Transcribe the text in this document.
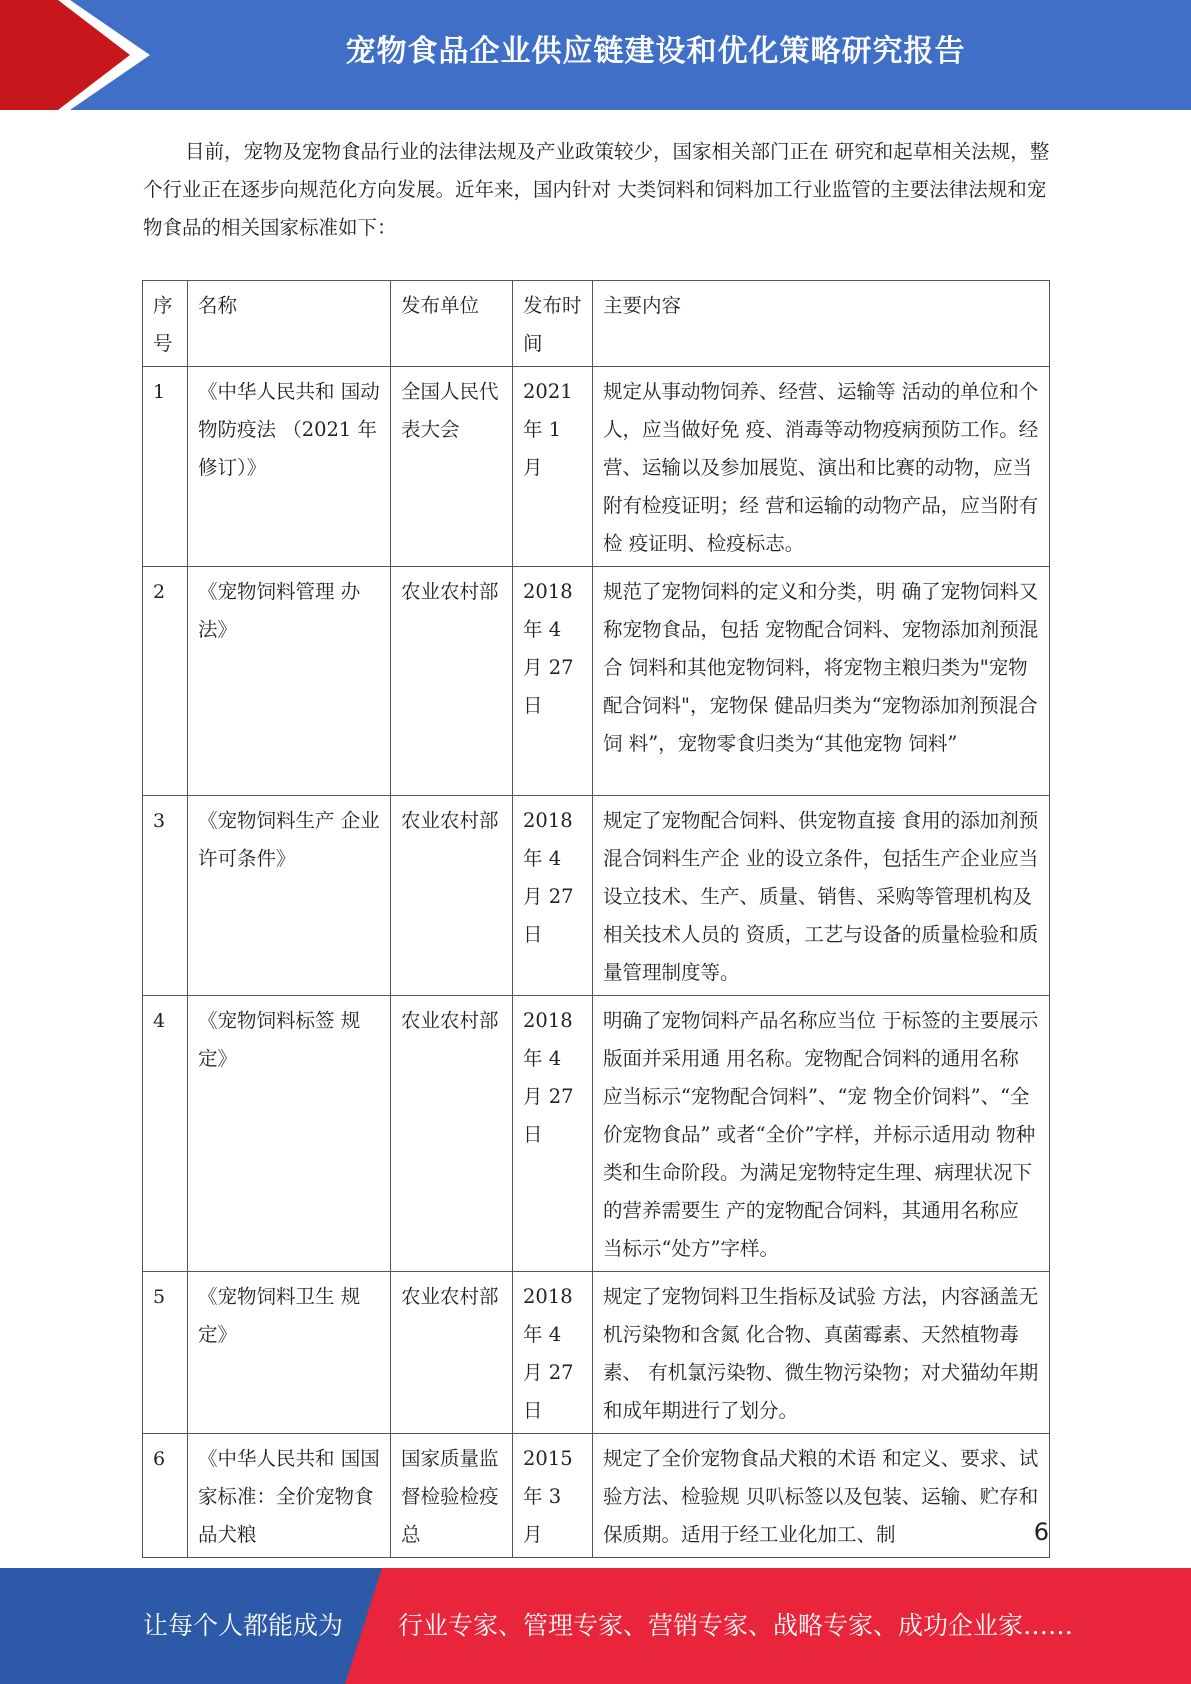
宠物食品企业供应链建设和优化策略研究报告

目前，宠物及宠物食品行业的法律法规及产业政策较少，国家相关部门正在 研究和起草相关法规，整个行业正在逐步向规范化方向发展。近年来，国内针对 大类饲料和饲料加工行业监管的主要法律法规和宠物食品的相关国家标准如下：

序号	名称	发布单位	发布时间	主要内容
1	《中华人民共和 国动物防疫法 （2021 年修订）》	全国人民代 表大会	2021 年 1 月	规定从事动物饲养、经营、运输等 活动的单位和个人，应当做好免 疫、消毒等动物疫病预防工作。经 营、运输以及参加展览、演出和比赛的动物，应当附有检疫证明；经 营和运输的动物产品，应当附有检 疫证明、检疫标志。
2	《宠物饲料管理 办法》	农业农村部	2018 年 4 月 27 日	规范了宠物饲料的定义和分类，明 确了宠物饲料又称宠物食品，包括 宠物配合饲料、宠物添加剂预混合 饲料和其他宠物饲料，将宠物主粮归类为"宠物配合饲料"，宠物保 健品归类为“宠物添加剂预混合饲 料”，宠物零食归类为“其他宠物 饲料”
3	《宠物饲料生产 企业许可条件》	农业农村部	2018 年 4 月 27 日	规定了宠物配合饲料、供宠物直接 食用的添加剂预混合饲料生产企 业的设立条件，包括生产企业应当 设立技术、生产、质量、销售、采购等管理机构及相关技术人员的 资质，工艺与设备的质量检验和质 量管理制度等。
4	《宠物饲料标签 规定》	农业农村部	2018 年 4 月 27 日	明确了宠物饲料产品名称应当位 于标签的主要展示版面并采用通 用名称。宠物配合饲料的通用名称 应当标示“宠物配合饲料”、“宠 物全价饲料”、“全价宠物食品” 或者“全价”字样，并标示适用动 物种类和生命阶段。为满足宠物特定生理、病理状况下的营养需要生 产的宠物配合饲料，其通用名称应 当标示“处方”字样。
5	《宠物饲料卫生 规定》	农业农村部	2018 年 4 月 27 日	规定了宠物饲料卫生指标及试验 方法，内容涵盖无机污染物和含氮 化合物、真菌霉素、天然植物毒素、 有机氯污染物、微生物污染物；对犬猫幼年期和成年期进行了划分。
6	《中华人民共和 国国家标准：全价宠物食品犬粮	国家质量监 督检验检疫 总	2015 年 3 月	规定了全价宠物食品犬粮的术语 和定义、要求、试验方法、检验规 贝叭标签以及包装、运输、贮存和 保质期。适用于经工业化加工、制	6
让每个人都能成为 行业专家、管理专家、营销专家、战略专家、成功企业家……
